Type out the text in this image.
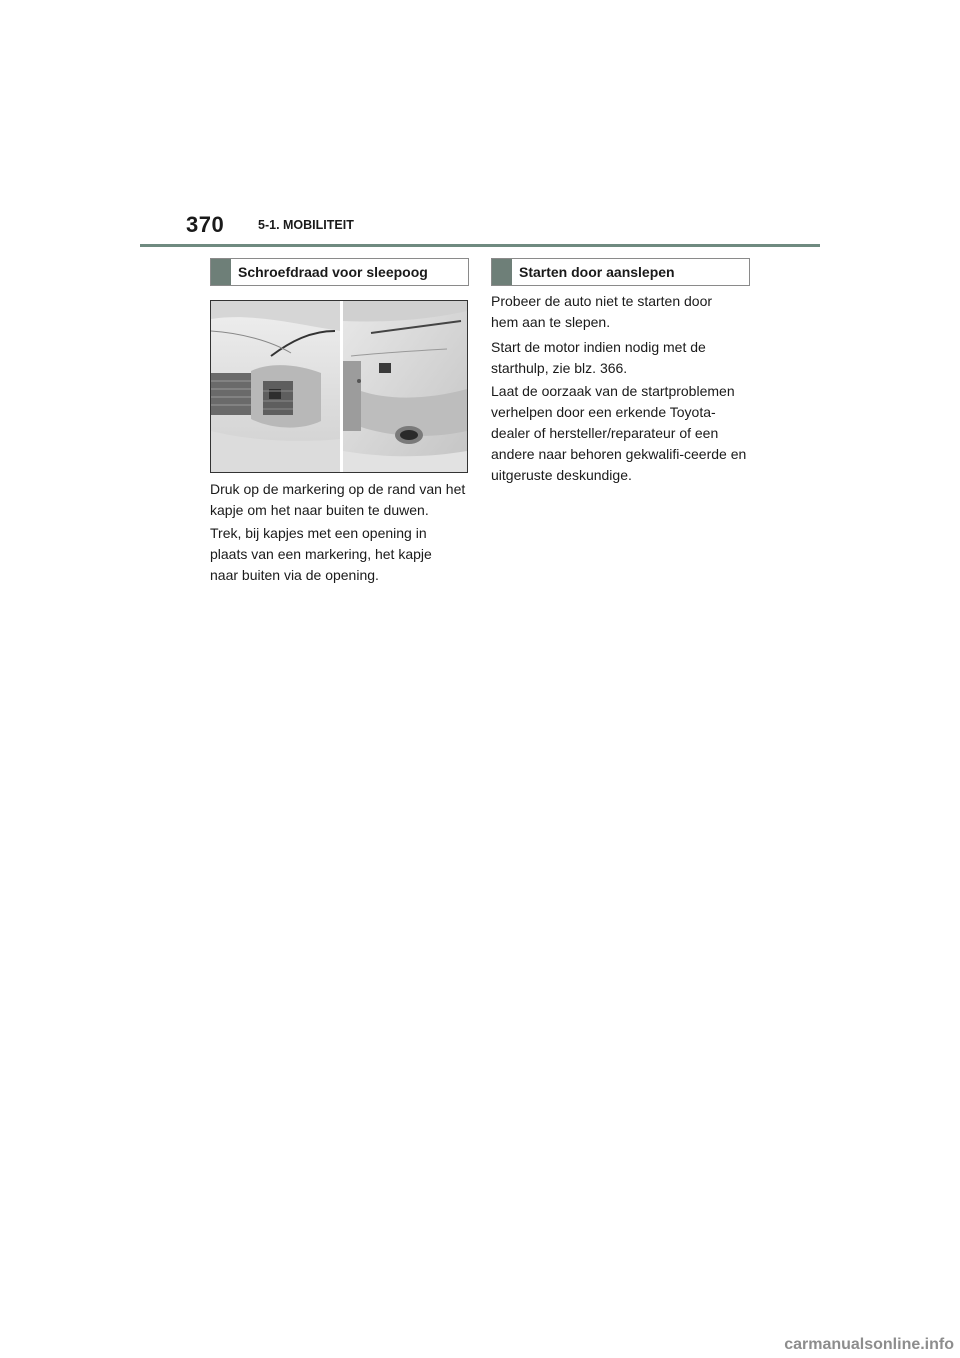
370	5-1. MOBILITEIT
Schroefdraad voor sleepoog

Druk op de markering op de rand van het kapje om het naar buiten te duwen.

Trek, bij kapjes met een opening in plaats van een markering, het kapje naar buiten via de opening.

Starten door aanslepen

Probeer de auto niet te starten door hem aan te slepen.

Start de motor indien nodig met de starthulp, zie blz. 366.

Laat de oorzaak van de startproblemen verhelpen door een erkende Toyota-dealer of hersteller/reparateur of een andere naar behoren gekwalifi-ceerde en uitgeruste deskundige.

carmanualsonline.info
